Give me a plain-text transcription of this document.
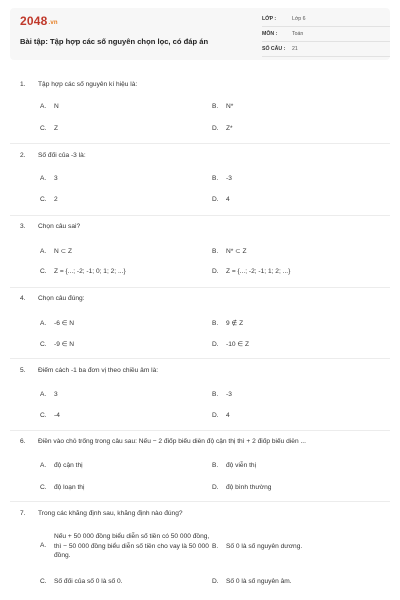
2048.vn
Bài tập: Tập hợp các số nguyên chọn lọc, có đáp án
LỚP :	Lớp 6
MÔN :	Toán
SỐ CÂU : 21
1. Tập hợp các số nguyên kí hiệu là:
A. N	B. N*
C. Z	D. Z*
2. Số đối của -3 là:
A. 3	B. -3
C. 2	D. 4
3. Chọn câu sai?
A. N ⊂ Z	B. N* ⊂ Z
C. Z = {...; -2; -1; 0; 1; 2; ...}	D. Z = {...; -2; -1; 1; 2; ...}
4. Chọn câu đúng:
A. -6 ∈ N	B. 9 ∉ Z
C. -9 ∈ N	D. -10 ∈ Z
5. Điểm cách -1 ba đơn vị theo chiều âm là:
A. 3	B. -3
C. -4	D. 4
6. Điền vào chỗ trống trong câu sau: Nếu − 2 điốp biểu diễn độ cận thị thì + 2 điốp biểu diễn ...
A. độ cận thị	B. độ viễn thị
C. độ loạn thị	D. độ bình thường
7. Trong các khẳng định sau, khẳng định nào đúng?
A.
Nếu + 50 000 đồng biểu diễn số tiền có 50 000 đồng, thì − 50 000 đồng biểu diễn số tiền cho vay là 50 000 đồng.
B. Số 0 là số nguyên dương.
C. Số đối của số 0 là số 0.	D. Số 0 là số nguyên âm.
